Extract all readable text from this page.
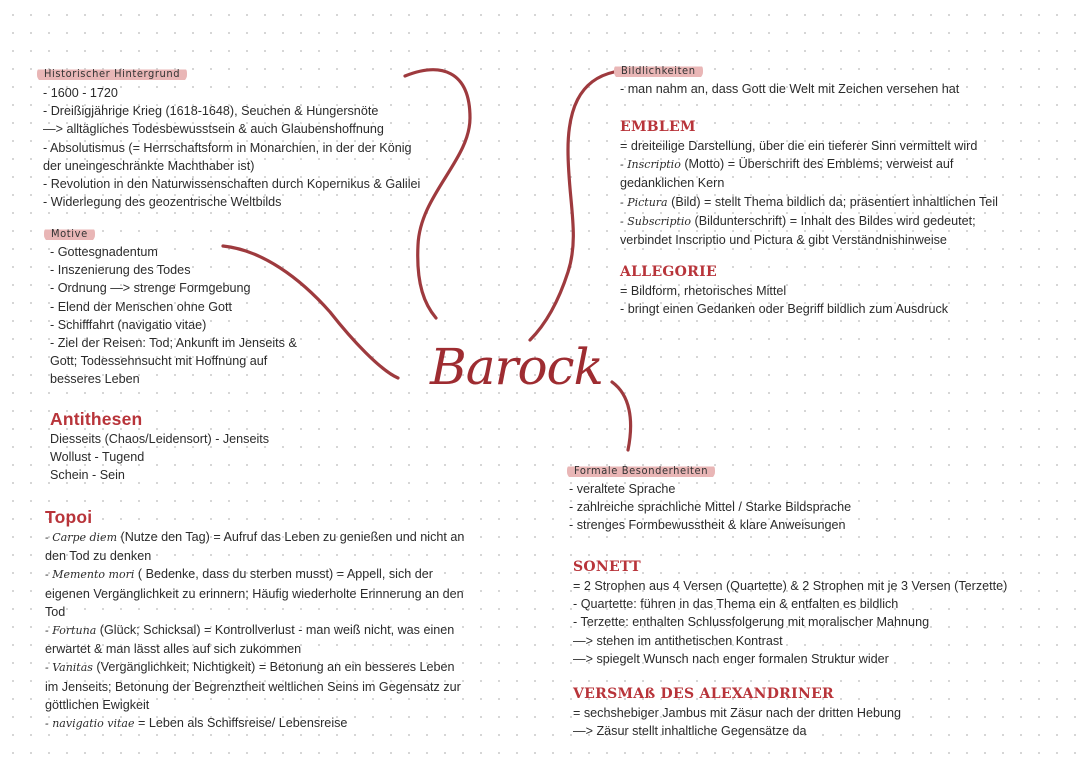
Barock
Historischer Hintergrund
- 1600 - 1720
- Dreißigjährige Krieg (1618-1648), Seuchen & Hungersnöte
—> alltägliches Todesbewusstsein & auch Glaubenshoffnung
- Absolutismus (= Herrschaftsform in Monarchien, in der der König
der uneingeschränkte Machthaber ist)
- Revolution in den Naturwissenschaften durch Kopernikus & Galilei
- Widerlegung des geozentrische Weltbilds
Motive
- Gottesgnadentum
- Inszenierung des Todes
- Ordnung —> strenge Formgebung
- Elend der Menschen ohne Gott
- Schifffahrt (navigatio vitae)
- Ziel der Reisen: Tod; Ankunft im Jenseits &
Gott; Todessehnsucht mit Hoffnung auf
besseres Leben
Antithesen
Diesseits (Chaos/Leidensort) - Jenseits
Wollust - Tugend
Schein - Sein
Topoi
- Carpe diem (Nutze den Tag) = Aufruf das Leben zu genießen und nicht an
den Tod zu denken
- Memento mori ( Bedenke, dass du sterben musst) = Appell, sich der
eigenen Vergänglichkeit zu erinnern; Häufig wiederholte Erinnerung an den
Tod
- Fortuna (Glück; Schicksal) = Kontrollverlust - man weiß nicht, was einen
erwartet & man lässt alles auf sich zukommen
- Vanitas (Vergänglichkeit; Nichtigkeit) = Betonung an ein besseres Leben
im Jenseits; Betonung der Begrenztheit weltlichen Seins im Gegensatz zur
göttlichen Ewigkeit
- navigatio vitae = Leben als Schiffsreise/ Lebensreise
Bildlichkeiten
- man nahm an, dass Gott die Welt mit Zeichen versehen hat
EMBLEM
= dreiteilige Darstellung, über die ein tieferer Sinn vermittelt wird
- Inscriptio (Motto) = Überschrift des Emblems; verweist auf
gedanklichen Kern
- Pictura (Bild) = stellt Thema bildlich da; präsentiert inhaltlichen Teil
- Subscriptio (Bildunterschrift) = Inhalt des Bildes wird gedeutet;
verbindet Inscriptio und Pictura & gibt Verständnishinweise
ALLEGORIE
= Bildform, rhetorisches Mittel
- bringt einen Gedanken oder Begriff bildlich zum Ausdruck
Formale Besonderheiten
- veraltete Sprache
- zahlreiche sprachliche Mittel / Starke Bildsprache
- strenges Formbewusstheit & klare Anweisungen
SONETT
= 2 Strophen aus 4 Versen (Quartette) & 2 Strophen mit je 3 Versen (Terzette)
- Quartette: führen in das Thema ein & entfalten es bildlich
- Terzette: enthalten Schlussfolgerung mit moralischer Mahnung
—> stehen im antithetischen Kontrast
—> spiegelt Wunsch nach enger formalen Struktur wider
VERSMAß DES ALEXANDRINER
= sechshebiger Jambus mit Zäsur nach der dritten Hebung
—> Zäsur stellt inhaltliche Gegensätze da
